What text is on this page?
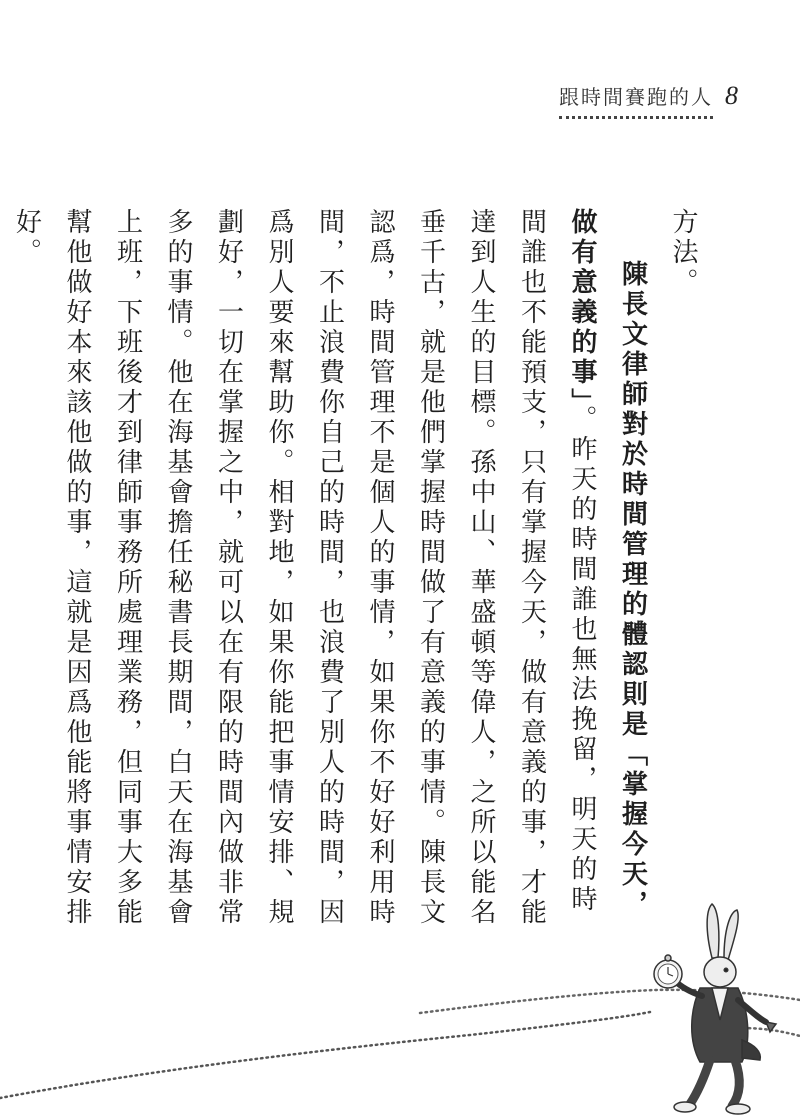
跟時間賽跑的人 8

方法。

陳長文律師對於時間管理的體認則是「掌握今天，做有意義的事」。昨天的時間誰也無法挽留，明天的時間誰也不能預支，只有掌握今天，做有意義的事，才能達到人生的目標。孫中山、華盛頓等偉人，之所以能名垂千古，就是他們掌握時間做了有意義的事情。陳長文認爲，時間管理不是個人的事情，如果你不好好利用時間，不止浪費你自己的時間，也浪費了別人的時間，因爲別人要來幫助你。相對地，如果你能把事情安排、規劃好，一切在掌握之中，就可以在有限的時間內做非常多的事情。他在海基會擔任秘書長期間，白天在海基會上班，下班後才到律師事務所處理業務，但同事大多能幫他做好本來該他做的事，這就是因爲他能將事情安排好。
